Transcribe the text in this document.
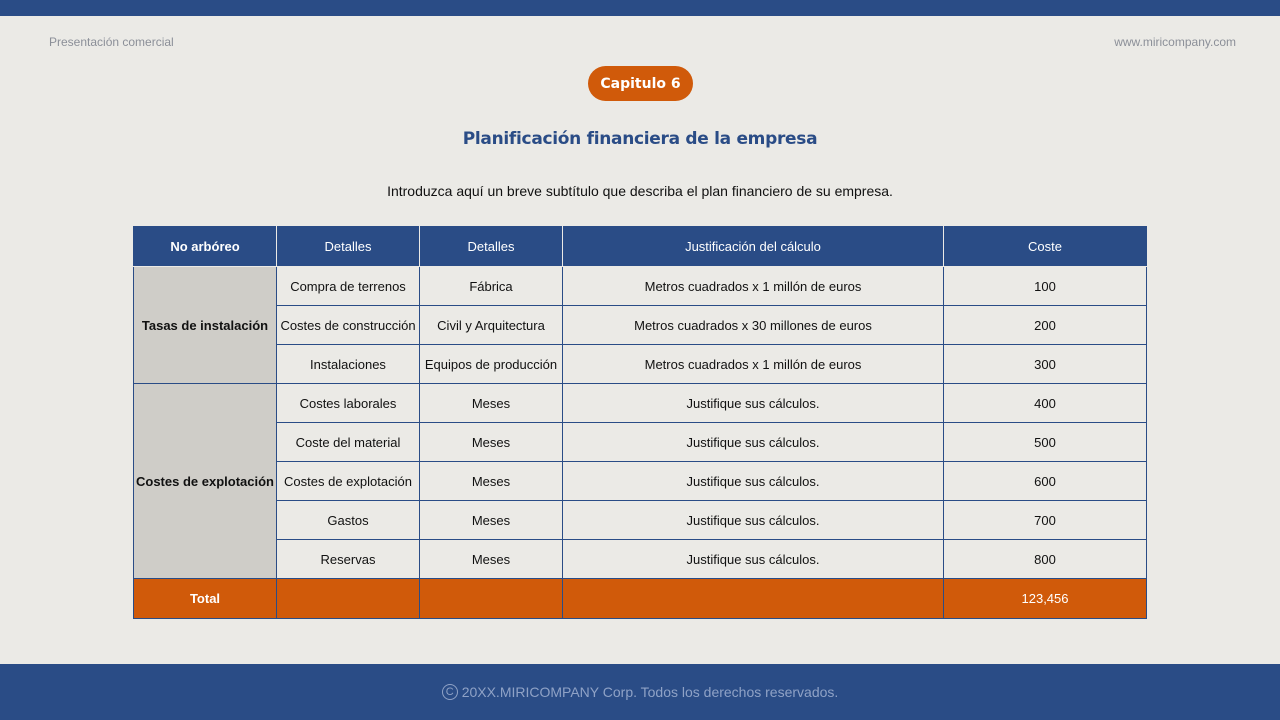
Presentación comercial	www.miricompany.com
Capitulo 6
Planificación financiera de la empresa
Introduzca aquí un breve subtítulo que describa el plan financiero de su empresa.
No arbóreo	Detalles	Detalles	Justificación del cálculo	Coste
Tasas de instalación	Compra de terrenos	Fábrica	Metros cuadrados x 1 millón de euros	100
	Costes de construcción	Civil y Arquitectura	Metros cuadrados x 30 millones de euros	200
	Instalaciones	Equipos de producción	Metros cuadrados x 1 millón de euros	300
Costes de explotación	Costes laborales	Meses	Justifique sus cálculos.	400
	Coste del material	Meses	Justifique sus cálculos.	500
	Costes de explotación	Meses	Justifique sus cálculos.	600
	Gastos	Meses	Justifique sus cálculos.	700
	Reservas	Meses	Justifique sus cálculos.	800
Total				123,456
C 20XX.MIRICOMPANY Corp. Todos los derechos reservados.
